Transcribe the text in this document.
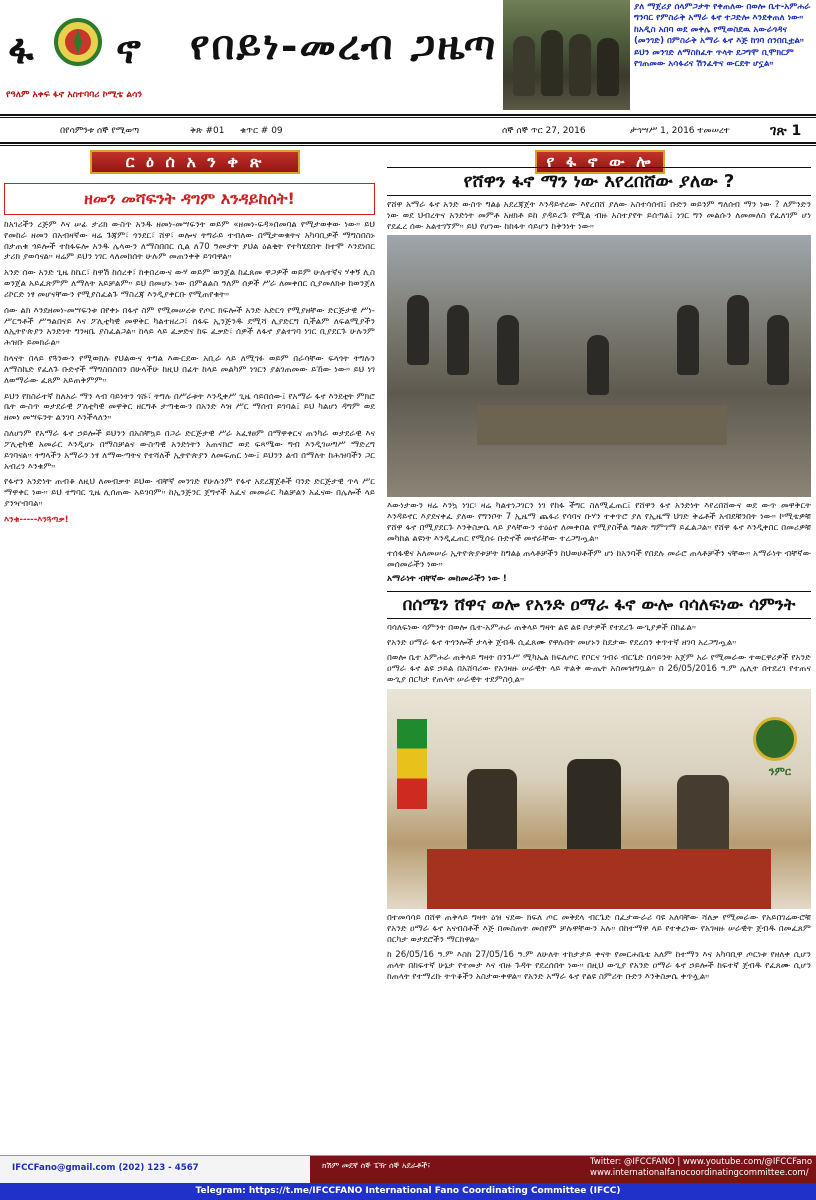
ፋ ኖ
የዓለም አቀፍ ፋኖ አስተባባሪ ኮሚቴ ልሳን
የበይነ-መረብ ጋዜጣ
ያለ ማጀሪያ ሰላምጋታት የቀጠለው በወሎ ቤተ-አምሐራ ግንባር የምስራቅ አማራ ፋኖ ተጋድሎ እንደቀጠለ ነው። ከአዲስ አበባ ወደ መቀሌ የሚወስደዉ አውራጎዳና (መንገድ) በምስራቅ አማራ ፋኖ እጅ ከገባ ሰንበቢቷል። ይህን መንገድ ለማስከፈት ጥላት ደጋግሞ ቢሞክርም የገጠመው አሳፋሪና ሽንፈትና ውርደት ሆኗል።
በየሳምንቱ ሰኞ የሚወጣ	ቅጽ #01 ቁጥር # 09	ሰኞ ሰኞ ጥር 27, 2016	ታኅሣሥ 1, 2016 ተመሠረተ	ገጽ 1
ር ዕ ሰ አ ን ቀ ጽ	የ ፋ ኖ ው ሎ
ዘመን መሻፍንት ዳግም እንዳይከሰት!

ከአገሪችን ረጅም እና ሠፊ ታሪክ ውስጥ አንዱ ዘመነ-መሣፍንት ወይም «ዘመነ-ፍዳ»በመባል የሚታወቀው ነው። ይህ የመከራ ዘመን በአብዛኛው ዛሬ ጉጃም፣ ጎንደር፣ ሸዋ፣ ወሎና ትግራይ ተብለው በሚታወቁትና አካባቢዎች ማግስበስኑ በታጠቁ ጎይሎች ተከፋፍሎ አንዱ ሌላውን ለማስበበር ሲል ለ70 ዓመታት ያህል ዕልቂት የተካሄደበት ከተሞ እንደነበር ታሪክ ያወሳናል። ዛሬም ይህን ነገር ላለመከሰት ሁሉም መጠንቀቅ ይገባዋል።

አንድ ሰው አንድ ጊዜ ከኬር፣ ከዋሽ ከሰረቀ፣ ከቀበረውና ውሃ ወይም ወንጀል ከፈጸመ ዋጋዎች ወይም ሁሉተኛና ሃቀኝ ሊስ ወንጀል አይፈጽምም ለማለት አይቻልም። ይህ በመሆኑ ነው በምልልስ ዓለም ሰዎች ሥራ ለመቀበር ሲያመለክቱ ከወንጀለ ሪኮርድ ነፃ መሆናቸውን የሚያስፈልጉ ማስረጃ እንዲያቀርቡ የሚጠየቁት።

ሰው ልክ እንደዘመነ-መሣፍንቱ በየቀኑ በፋኖ ስም የሚመሠረቱ የጦር ክፍሎች አንድ አድርጎ የሚያዘቸው ድርጅታዊ ሥነ-ሥርዓቶች ሥዓልበናይ እና ፖሊቲካዊ መዋቅር ካልተዘረጋ፣ ሰፋፍ ኢንጅንዱ ደሚሻ ሊያድርግ ቢችልም ለፍልሚያችን ለኢትዮጵያን አንድነት ግንዛቤ ያስፈልጋል። ከላይ ላይ ፈቃድና ከፍ ፈቃድ፣ ሰዎች ለፋኖ ያልተገባ ነገር ቢያደርጉ ሁሉንም ሕዝቡ ይመክራል።

ከላናት በላይ የጓንውን የሚወክሉ የህልውና ትግል እውርደው አቢራ ላይ ለሚገፉ ወይም በራሳቸው ፍላጎት ትግሉን ለማስኬድ የፈለጉ ቡድኖች ማግስበስበን በሁላችሁ ከዚህ በፊት ከላይ መልካም ነገርን ያልገጠመው ይኸው ነው። ይህ ነገ ለወማራው ፈጸም አይጠቅምም።

ይህን የክስራተኛ ከለአራ ማን ላብ ባይነትን ጎሹ፣ ትግሉ በሥራቱት እንዲቀሥ ጊዜ ሳይበሰው፤ የአማራ ፋኖ እንደቲት ምክሮ ቤት ውስጥ ወታደራዊ ፖለቲካዊ መዋቅር ዘርግቶ ታጣቂውን በአንድ እዝ ሥር ማሰብ ይገባል፤ ይህ ካልሆነ ዳግም ወደ ዘመነ መሣፍንት ልንገባ እንችላለን።

ስለሆነም የአማራ ፋኖ ኃይሎች ይህንን በአስቸኳይ በጋራ ድርጅታዊ ሥራ አፈፃፀም በማዋቀርና ጠንካራ ወታደራዊ እና ፖሊቲካዊ አመራር እንዲሆኑ በማስቻልና ውስጣዊ አንድነትን አጠናክሮ ወደ ፍጻሜው ግብ እንዲገሠግሥ ማድረግ ይገባናል። ትግላችን አማራን ነፃ ለማውጣትና የተሻለች ኢትዮጵያን ለመፍጠር ነው፤ ይህንን ልብ በማለት ከሕዝባችን ጋር አብረን እንቁም።

የፋኖን አንድነት ጠብቆ ለዚህ ለመብቃት ይህው ብቸኛ መንገድ የሁሉንም የፋኖ አደረጃጀቶች ባንድ ድርጅታዊ ጥላ ሥር ማዋቀር ነው። ይህ ተግባር ጊዜ ሊሰጠው አይገባም። ከኢንጅንር ጀግኖች አፈና መመራር ካልቻልን አፈናው በሌሎች ላይ ያንዣብባል።

እንቁ-----እንጓጣቃ!

የሸዋን ፋኖ ማን ነው እየረበሸው ያለው ?

የሸዋ አማራ ፋኖ አንድ ውስጥ ግልፅ አደረጃጀት እንዳይኖረው እየረበሸ ያለው አስተሳሰብ፤ ቡድን ወይንም ግለሰብ ማን ነው ? ለምንድን ነው ወደ ህብረትና አንድነት መምቶ አዘክቶ ይከ ያዳይረጉ የሚል ብዙ አስተያየት ይሰጣል፤ ነገር ግን መልሱን ለመመለስ የፈለገም ሆነ የደፈረ ሰው አልተገኘም። ይህ የሆነው ከከፋት ሳይሆን ከቅንነት ነው።

እውነታውን ዛሬ እንኳ ነገር፡ ዛሬ ካልተነጋገርን ነገ የከፋ ችግር ስለሚፈጠር፤ የሸዋን ፋኖ አንድነት እየረበሸውና ወደ ውጥ መዋቅርት እንዳይኖር እያደናቀፈ ያለው የግንቦት 7 ኢዜማ ጨፋሪ የሳባና ቡሃን ተቀጥሮ ያለ የኢዜማ ህገድ ቅሬቶች አብደቹንበት ነው። ኮሚቴዎቹ የሸዋ ፋኖ በሚያደርጉ እንቅስቃሴ ላይ ያላቸውን ተዕዕኖ ለመቀበል የሚያስችል ግልጽ ግምገማ ይፈልጋል። የሸዋ ፋኖ እንዲቀበር በመሪዎቹ መካከል ልዩነት እንዲፈጠር የሚሰሩ ቡድኖች መኖራቸው ተረጋግጧል።

ተሰፋዊና አለመሠራ ኢትዮጵያቱቻት ከግልፅ ጠላቶቻችን ከህወሀቶችም ሆነ ከአንባች የበደሉ መራሮ ጠላቶቻችን ናቸው። አማራነት ብቸኛው መሰመራችን ነው።

አማራነት ብቸኛው መከመራችን ነው !

በሰሜን ሸዋና ወሎ የአንድ ዐማራ ፋኖ ውሎ ባሳለፍነው ሳምንት

ባሳለፍነው ሳምንት በወሎ ቤተ-አምሐራ ጠቅላይ ግዛት ልዩ ልዩ ቦታዎች የተደረጉ ውጊያዎች በከፊል።

የአንድ ዐማራ ፋኖ ትጎንሎች ታላቅ ጀብዱ ሲፈጸሙ የዋሉበት መሆኑን ከደታው የደረሰን ቀጥተኛ ዘገባ አረጋግጧል።

በወሎ ቤተ አምሐራ ጠቅላይ ግዛት በንጉሥ ሚካኤል ክፍለጦር የቦርና ገብሩ ብርጌድ በሳይንት አጀም አራ የሚመራው ተወርዋሪዎች የአንድ ዐማራ ፋኖ ልዩ ኃይል በአሸባሪው የአገዛዙ ሠራዊት ላይ ትልቅ ውጤት አስመዝግቧል። በ 26/05/2016 ዓ.ም ሌሊት በተደረገ የተጠና ውጊያ በርካታ የጠላት ሠራዊት ተደምስሷል።

ንምር

በተመሳሳይ በሸዋ ጠቅላይ ግዛት ዕዝ ናደው ክፍለ ጦር መቅደላ ብርጌድ በፈታውራሪ ባዩ አለባቸው ሻለቃ የሚመራው የአይበገሬውሮቹ የአንድ ዐማራ ፋኖ አናብስቶች እጅ በመስጠት መሰየም ቻሉዋቸውን አሉ። በከተማዋ ላይ የተቀረነው የአገዛዙ ሠራዊት ጀብዱ በመፈጸም በርካታ ወታደሮችን ማርከዋል።

ከ 26/05/16 ዓ.ም እስከ 27/05/16 ዓ.ም ለሁለት ተከታታይ ቀናት የመርሐቤቴ አለም ከተማን እና አካባቢዋ ጦርነቱ የዘለቀ ሲሆን ጠላት በከፍተኛ ሁኔታ የተመታ እና ብዙ ጉዳት የደረሰበት ነው። በዚህ ውጊያ የአንድ ዐማራ ፋኖ ኃይሎች ከፍተኛ ጀብዱ የፈጸሙ ሲሆን ከጠላት የተማረኩ ትጥቆችን አስታውቀዋል። የአንድ አማራ ፋኖ የልዩ ስምሪት ቡድን እንቅስቃሴ ቀጥሏል።

IFCCFano@gmail.com (202) 123 - 4567	ክሽም መደኛ ሰኞ ፔዥ ሰኞ አደራቶች፣	Twitter: @IFCCFANO | www.youtube.com/@IFCCFano
www.internationalfanocoordinatingcommittee.com/
Telegram: https://t.me/IFCCFANO International Fano Coordinating Committee (IFCC)
